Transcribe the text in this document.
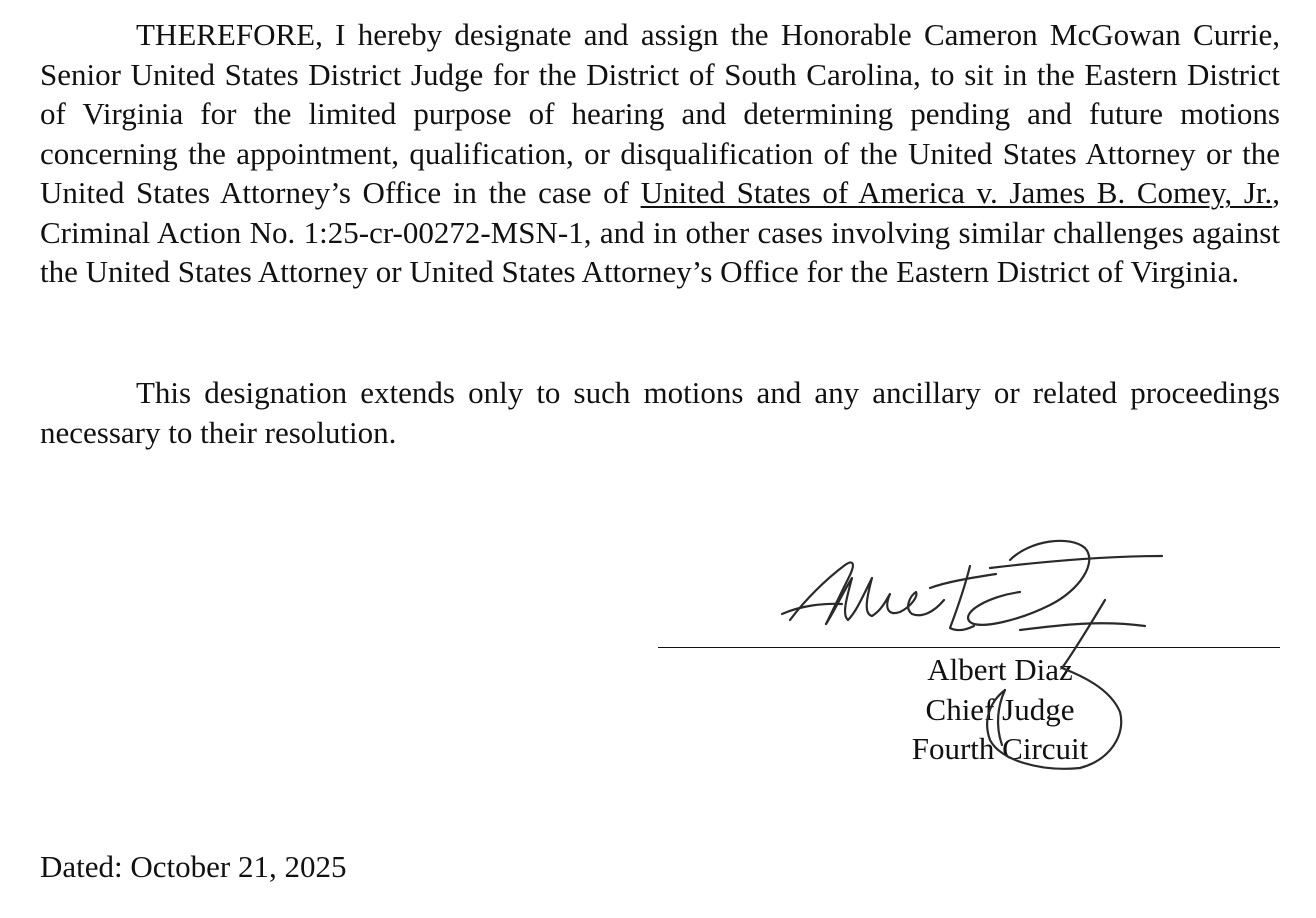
THEREFORE, I hereby designate and assign the Honorable Cameron McGowan Currie, Senior United States District Judge for the District of South Carolina, to sit in the Eastern District of Virginia for the limited purpose of hearing and determining pending and future motions concerning the appointment, qualification, or disqualification of the United States Attorney or the United States Attorney’s Office in the case of United States of America v. James B. Comey, Jr., Criminal Action No. 1:25-cr-00272-MSN-1, and in other cases involving similar challenges against the United States Attorney or United States Attorney’s Office for the Eastern District of Virginia.

This designation extends only to such motions and any ancillary or related proceedings necessary to their resolution.

Albert Diaz
Chief Judge
Fourth Circuit
Dated: October 21, 2025
